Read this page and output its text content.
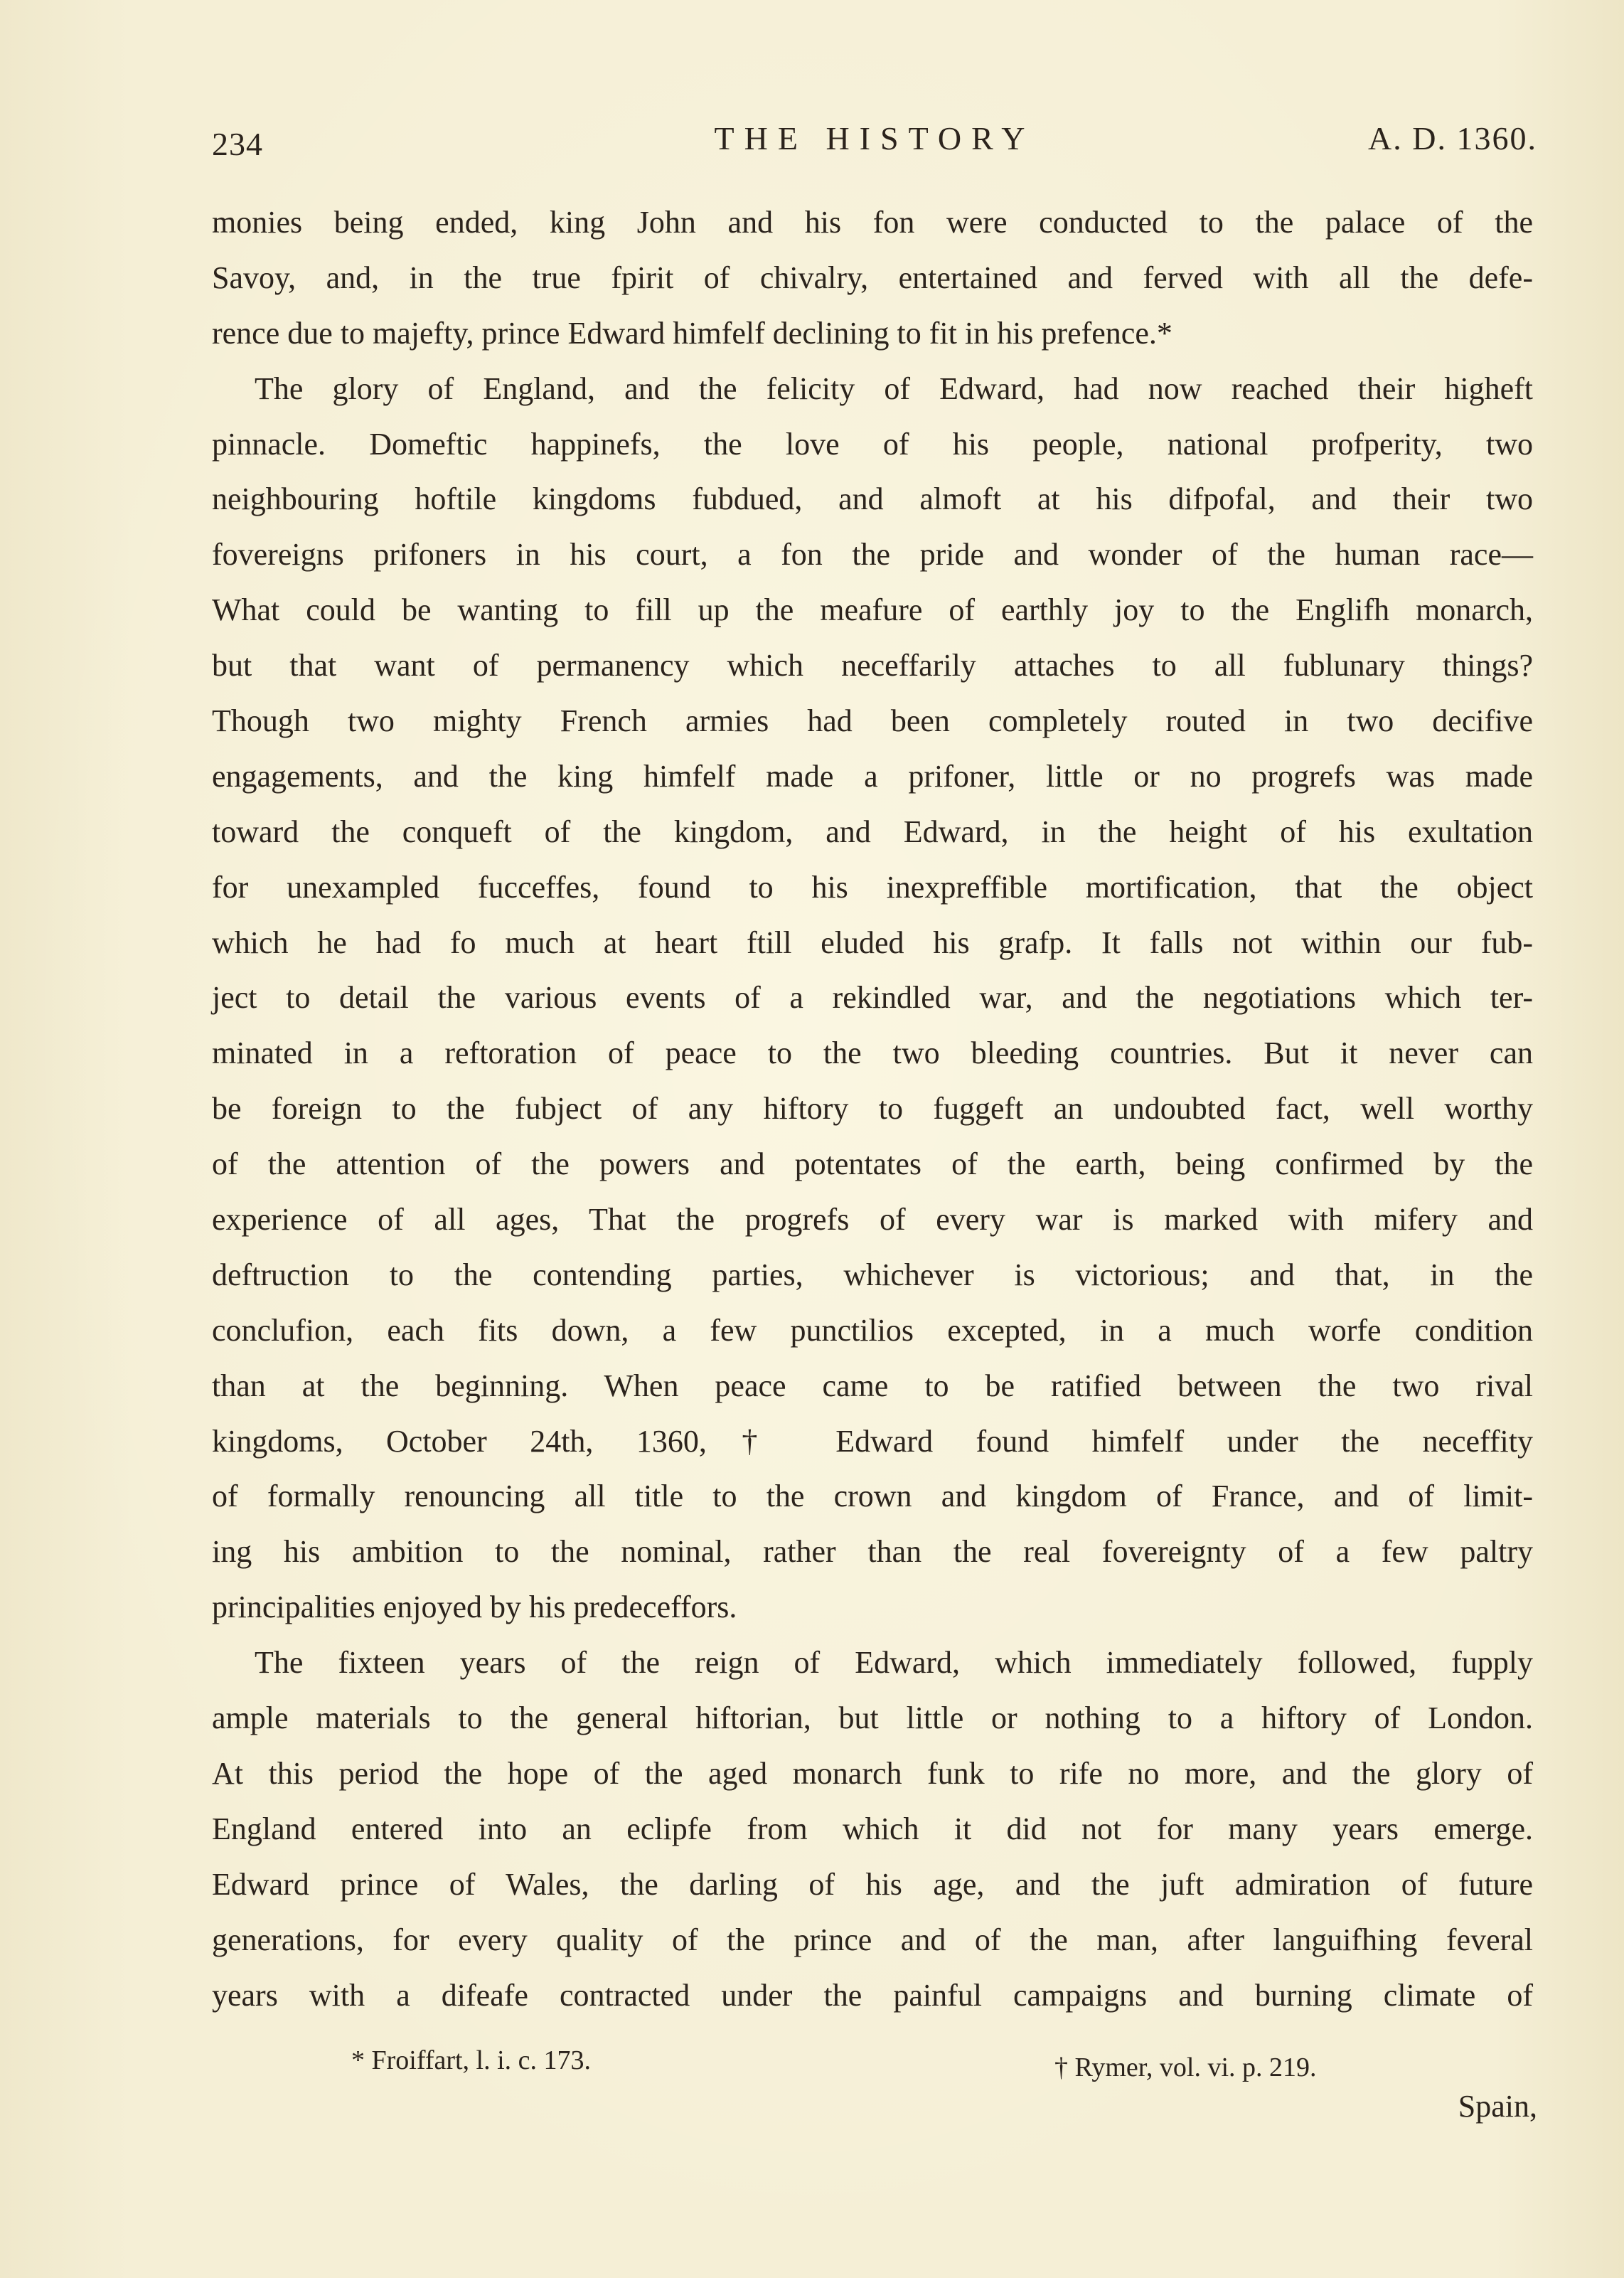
234	THE HISTORY	A. D. 1360.
monies being ended, king John and his fon were conducted to the palace of the
Savoy, and, in the true fpirit of chivalry, entertained and ferved with all the defe-
rence due to majefty, prince Edward himfelf declining to fit in his prefence.*
The glory of England, and the felicity of Edward, had now reached their higheft
pinnacle. Domeftic happinefs, the love of his people, national profperity, two
neighbouring hoftile kingdoms fubdued, and almoft at his difpofal, and their two
fovereigns prifoners in his court, a fon the pride and wonder of the human race—
What could be wanting to fill up the meafure of earthly joy to the Englifh monarch,
but that want of permanency which neceffarily attaches to all fublunary things?
Though two mighty French armies had been completely routed in two decifive
engagements, and the king himfelf made a prifoner, little or no progrefs was made
toward the conqueft of the kingdom, and Edward, in the height of his exultation
for unexampled fucceffes, found to his inexpreffible mortification, that the object
which he had fo much at heart ftill eluded his grafp. It falls not within our fub-
ject to detail the various events of a rekindled war, and the negotiations which ter-
minated in a reftoration of peace to the two bleeding countries. But it never can
be foreign to the fubject of any hiftory to fuggeft an undoubted fact, well worthy
of the attention of the powers and potentates of the earth, being confirmed by the
experience of all ages, That the progrefs of every war is marked with mifery and
deftruction to the contending parties, whichever is victorious; and that, in the
conclufion, each fits down, a few punctilios excepted, in a much worfe condition
than at the beginning. When peace came to be ratified between the two rival
kingdoms, October 24th, 1360,† Edward found himfelf under the neceffity
of formally renouncing all title to the crown and kingdom of France, and of limit-
ing his ambition to the nominal, rather than the real fovereignty of a few paltry
principalities enjoyed by his predeceffors.
The fixteen years of the reign of Edward, which immediately followed, fupply
ample materials to the general hiftorian, but little or nothing to a hiftory of London.
At this period the hope of the aged monarch funk to rife no more, and the glory of
England entered into an eclipfe from which it did not for many years emerge.
Edward prince of Wales, the darling of his age, and the juft admiration of future
generations, for every quality of the prince and of the man, after languifhing feveral
years with a difeafe contracted under the painful campaigns and burning climate of
* Froiffart, l. i. c. 173.	† Rymer, vol. vi. p. 219.
Spain,
